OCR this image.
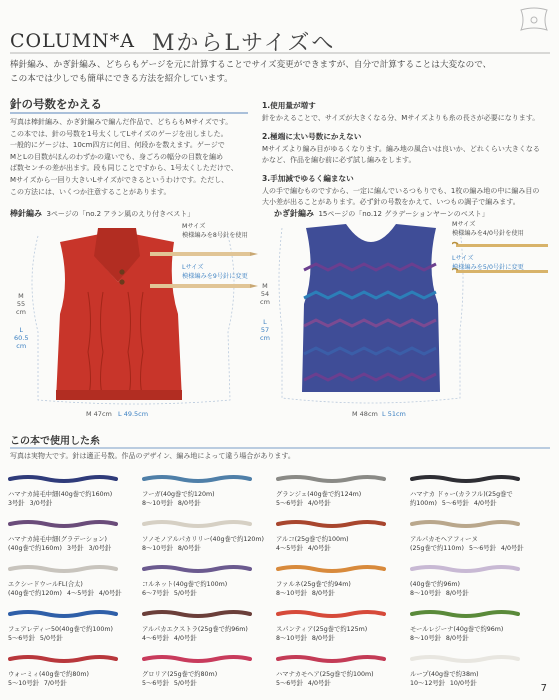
COLUMN*A MからLサイズへ
棒針編み、かぎ針編み、どちらもゲージを元に計算することでサイズ変更ができますが、自分で計算することは大変なので、
この本では少しでも簡単にできる方法を紹介しています。
針の号数をかえる
写真は棒針編み、かぎ針編みで編んだ作品で、どちらもMサイズです。
この本では、針の号数を1号太くしてLサイズのゲージを出しました。
一般的にゲージは、10cm四方に何目、何段かを数えます。ゲージで
MとLの目数がほんのわずかの違いでも、身ごろの幅分の目数を編め
ば数センチの差が出ます。段も同じことですから、1号太くしただけで、
Mサイズから一回り大きいLサイズができるというわけです。ただし、
この方法には、いくつか注意することがあります。
1.使用量が増す
針をかえることで、サイズが大きくなる分、Mサイズよりも糸の長さが必要になります。
2.極端に太い号数にかえない
Mサイズより編み目がゆるくなります。編み地の風合いは良いか、どれくらい大きくなる
かなど、作品を編む前に必ず試し編みをします。
3.手加減でゆるく編まない
人の手で編むものですから、一定に編んでいるつもりでも、1枚の編み地の中に編み目の
大小差が出ることがあります。必ず針の号数をかえて、いつもの調子で編みます。
棒針編み 3ページの「no.2 アラン風のえり付きベスト」
Mサイズ
模様編みを8号針を使用
Lサイズ
模様編みを9号針に変更
M
55
cm
L
60.5
cm
M 47cm L 49.5cm
かぎ針編み 15ページの「no.12 グラデーションヤーンのベスト」
Mサイズ
模様編みを4/0号針を使用
Lサイズ
模様編みを5/0号針に変更
M
54
cm
L
57
cm
M 48cm L 51cm
この本で使用した糸
写真は実物大です。針は適正号数。作品のデザイン、編み地によって違う場合があります。
ハマナカ純毛中細(40g巻で約160m)
3号針 3/0号針
ハマナカ純毛中細(グラデーション)
(40g巻で約160m) 3号針 3/0号針
エクシードウールFL(合太)
(40g巻で約120m) 4〜5号針 4/0号針
フェアレディー50(40g巻で約100m)
5〜6号針 5/0号針
ウォーミィ(40g巻で約80m)
5〜10号針 7/0号針
フーガ(40g巻で約120m)
8〜10号針 8/0号針
ソノモノアルパカリリー(40g巻で約120m)
8〜10号針 8/0号針
コルネット(40g巻で約100m)
6〜7号針 5/0号針
アルパカエクストラ(25g巻で約96m)
4〜6号針 4/0号針
グロリア(25g巻で約80m)
5〜6号針 5/0号針
グランジェ(40g巻で約124m)
5〜6号針 4/0号針
アルコ(25g巻で約100m)
4〜5号針 4/0号針
ファルネ(25g巻で約94m)
8〜10号針 8/0号針
スパンティア(25g巻で約125m)
8〜10号針 8/0号針
ハマナカモヘア(25g巻で約100m)
5〜6号針 4/0号針
ハマナカ ドゥー(カラフル)(25g巻で
約100m) 5〜6号針 4/0号針
アルパカモヘアフィーヌ
(25g巻で約110m) 5〜6号針 4/0号針
(40g巻で約96m)
8〜10号針 8/0号針
モールレジーナ(40g巻で約96m)
8〜10号針 8/0号針
ループ(40g巻で約38m)
10〜12号針 10/0号針	7
